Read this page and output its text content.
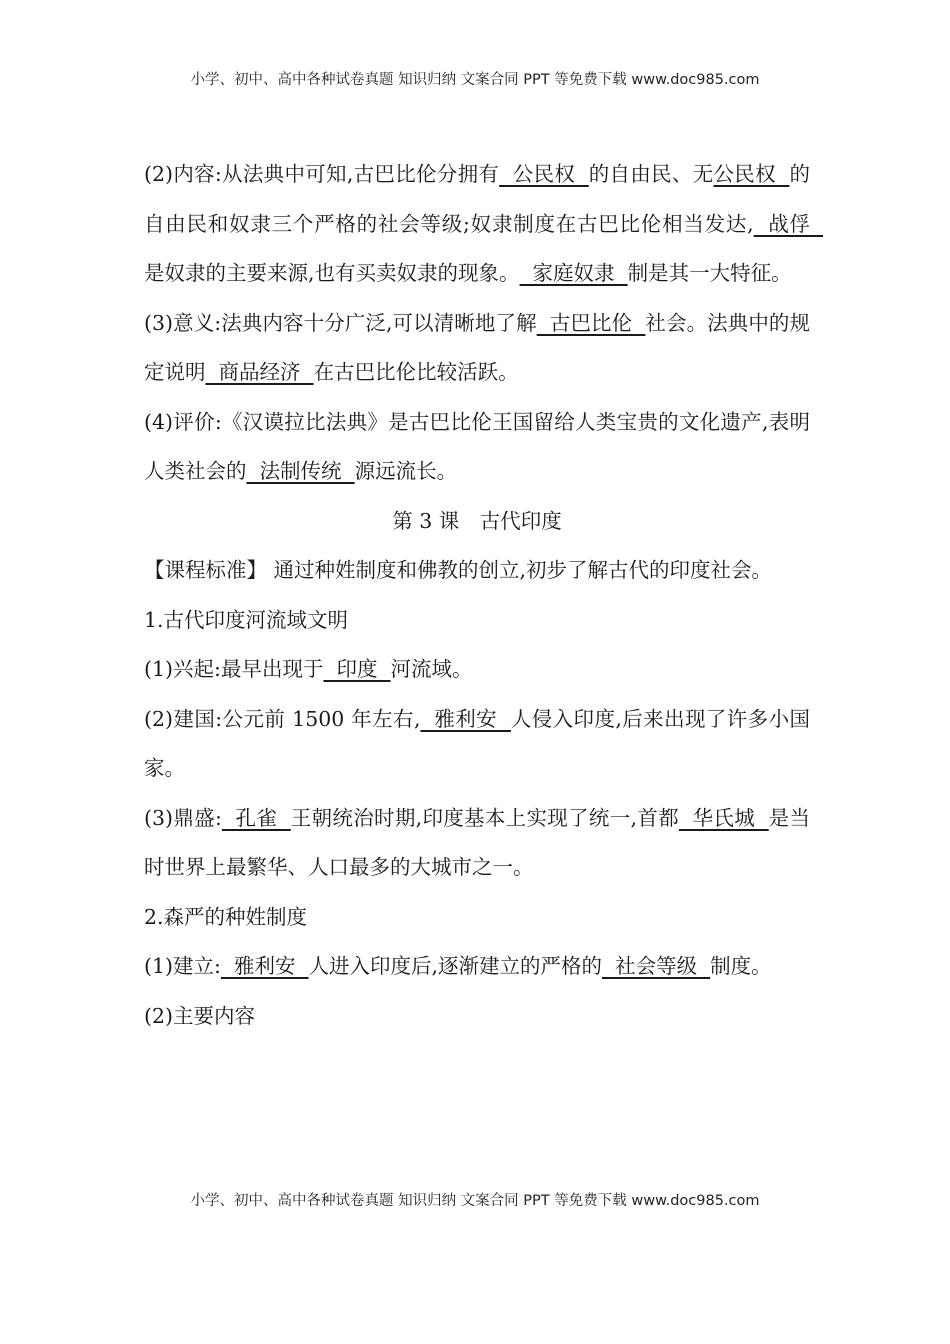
小学、初中、高中各种试卷真题 知识归纳 文案合同 PPT 等免费下载 www.doc985.com

(2)内容:从法典中可知,古巴比伦分拥有  公民权  的自由民、无公民权  的自由民和奴隶三个严格的社会等级;奴隶制度在古巴比伦相当发达,  战俘  是奴隶的主要来源,也有买卖奴隶的现象。  家庭奴隶  制是其一大特征。

(3)意义:法典内容十分广泛,可以清晰地了解  古巴比伦  社会。法典中的规定说明  商品经济  在古巴比伦比较活跃。

(4)评价:《汉谟拉比法典》是古巴比伦王国留给人类宝贵的文化遗产,表明人类社会的  法制传统  源远流长。

第 3 课　古代印度

【课程标准】 通过种姓制度和佛教的创立,初步了解古代的印度社会。

1.古代印度河流域文明

(1)兴起:最早出现于  印度  河流域。

(2)建国:公元前 1500 年左右,  雅利安  人侵入印度,后来出现了许多小国家。

(3)鼎盛:  孔雀  王朝统治时期,印度基本上实现了统一,首都  华氏城  是当时世界上最繁华、人口最多的大城市之一。

2.森严的种姓制度

(1)建立:  雅利安  人进入印度后,逐渐建立的严格的  社会等级  制度。

(2)主要内容

小学、初中、高中各种试卷真题 知识归纳 文案合同 PPT 等免费下载 www.doc985.com
